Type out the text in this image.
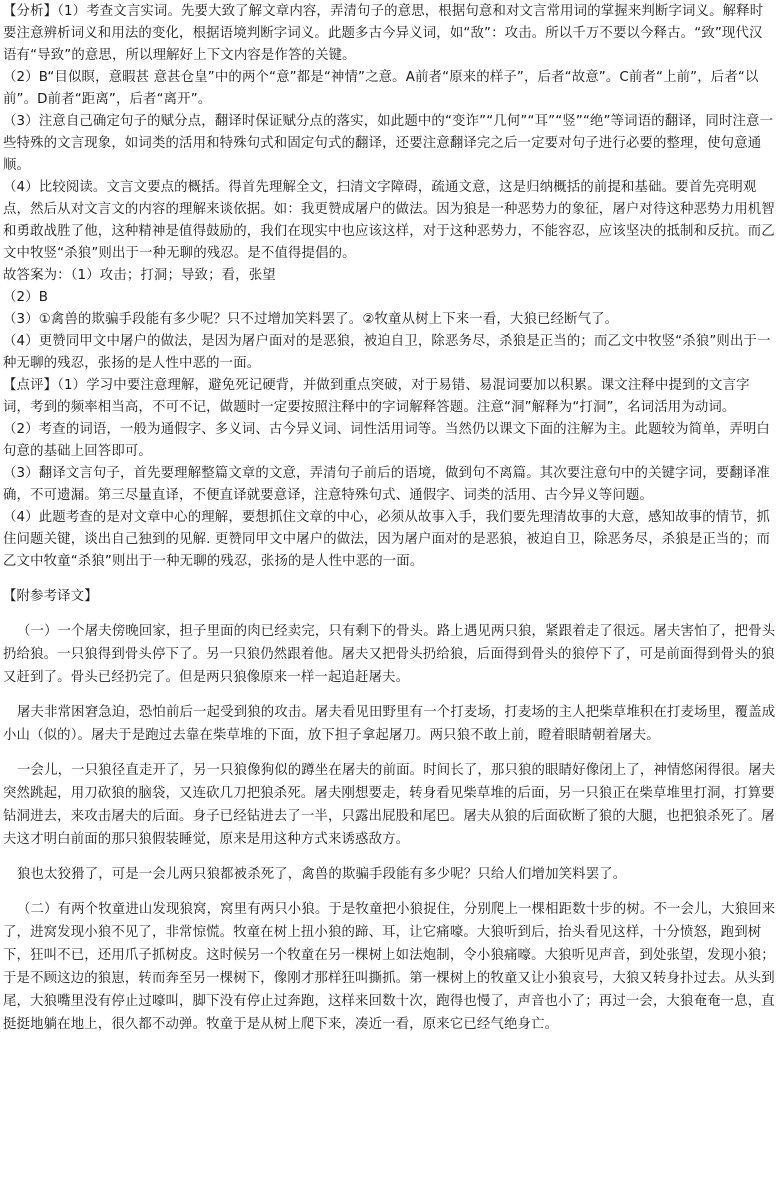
【分析】（1）考查文言实词。先要大致了解文章内容，弄清句子的意思，根据句意和对文言常用词的掌握来判断字词义。解释时要注意辨析词义和用法的变化，根据语境判断字词义。此题多古今异义词，如“敌”：攻击。所以千万不要以今释古。“致”现代汉语有“导致”的意思，所以理解好上下文内容是作答的关键。

（2）B“目似瞑，意暇甚 意甚仓皇”中的两个“意”都是“神情”之意。A前者“原来的样子”，后者“故意”。C前者“上前”，后者“以前”。D前者“距离”，后者“离开”。

（3）注意自己确定句子的赋分点，翻译时保证赋分点的落实，如此题中的“变诈”“几何”“耳”“竖”“绝”等词语的翻译，同时注意一些特殊的文言现象，如词类的活用和特殊句式和固定句式的翻译，还要注意翻译完之后一定要对句子进行必要的整理，使句意通顺。

（4）比较阅读。文言文要点的概括。得首先理解全文，扫清文字障碍，疏通文意，这是归纳概括的前提和基础。要首先亮明观点，然后从对文言文的内容的理解来谈依据。如：我更赞成屠户的做法。因为狼是一种恶势力的象征，屠户对待这种恶势力用机智和勇敢战胜了他，这种精神是值得鼓励的，我们在现实中也应该这样，对于这种恶势力，不能容忍，应该坚决的抵制和反抗。而乙文中牧竖“杀狼”则出于一种无聊的残忍。是不值得提倡的。

故答案为：（1）攻击；打洞；导致；看，张望

（2）B

（3）①禽兽的欺骗手段能有多少呢？只不过增加笑料罢了。②牧童从树上下来一看，大狼已经断气了。

（4）更赞同甲文中屠户的做法，是因为屠户面对的是恶狼，被迫自卫，除恶务尽，杀狼是正当的；而乙文中牧竖“杀狼”则出于一种无聊的残忍，张扬的是人性中恶的一面。

【点评】（1）学习中要注意理解，避免死记硬背，并做到重点突破，对于易错、易混词要加以积累。课文注释中提到的文言字词，考到的频率相当高，不可不记，做题时一定要按照注释中的字词解释答题。注意“洞”解释为“打洞”，名词活用为动词。

（2）考查的词语，一般为通假字、多义词、古今异义词、词性活用词等。当然仍以课文下面的注解为主。此题较为简单，弄明白句意的基础上回答即可。

（3）翻译文言句子，首先要理解整篇文章的文意，弄清句子前后的语境，做到句不离篇。其次要注意句中的关键字词，要翻译准确，不可遗漏。第三尽量直译，不便直译就要意译，注意特殊句式、通假字、词类的活用、古今异义等问题。

（4）此题考查的是对文章中心的理解，要想抓住文章的中心，必须从故事入手，我们要先理清故事的大意，感知故事的情节，抓住问题关键，谈出自己独到的见解. 更赞同甲文中屠户的做法，因为屠户面对的是恶狼，被迫自卫，除恶务尽，杀狼是正当的；而乙文中牧童“杀狼”则出于一种无聊的残忍，张扬的是人性中恶的一面。

【附参考译文】

（一）一个屠夫傍晚回家，担子里面的肉已经卖完，只有剩下的骨头。路上遇见两只狼，紧跟着走了很远。屠夫害怕了，把骨头扔给狼。一只狼得到骨头停下了。另一只狼仍然跟着他。屠夫又把骨头扔给狼，后面得到骨头的狼停下了，可是前面得到骨头的狼又赶到了。骨头已经扔完了。但是两只狼像原来一样一起追赶屠夫。

屠夫非常困窘急迫，恐怕前后一起受到狼的攻击。屠夫看见田野里有一个打麦场，打麦场的主人把柴草堆积在打麦场里，覆盖成小山（似的）。屠夫于是跑过去靠在柴草堆的下面，放下担子拿起屠刀。两只狼不敢上前，瞪着眼睛朝着屠夫。

一会儿，一只狼径直走开了，另一只狼像狗似的蹲坐在屠夫的前面。时间长了，那只狼的眼睛好像闭上了，神情悠闲得很。屠夫突然跳起，用刀砍狼的脑袋，又连砍几刀把狼杀死。屠夫刚想要走，转身看见柴草堆的后面，另一只狼正在柴草堆里打洞，打算要钻洞进去，来攻击屠夫的后面。身子已经钻进去了一半，只露出屁股和尾巴。屠夫从狼的后面砍断了狼的大腿，也把狼杀死了。屠夫这才明白前面的那只狼假装睡觉，原来是用这种方式来诱惑敌方。

狼也太狡猾了，可是一会儿两只狼都被杀死了，禽兽的欺骗手段能有多少呢？只给人们增加笑料罢了。

（二）有两个牧童进山发现狼窝，窝里有两只小狼。于是牧童把小狼捉住，分别爬上一棵相距数十步的树。不一会儿，大狼回来了，进窝发现小狼不见了，非常惊慌。牧童在树上扭小狼的蹄、耳，让它痛嚎。大狼听到后，抬头看见这样，十分愤怒，跑到树下，狂叫不已，还用爪子抓树皮。这时候另一个牧童在另一棵树上如法炮制，令小狼痛嚎。大狼听见声音，到处张望，发现小狼；于是不顾这边的狼崽，转而奔至另一棵树下，像刚才那样狂叫撕抓。第一棵树上的牧童又让小狼哀号，大狼又转身扑过去。从头到尾，大狼嘴里没有停止过嚎叫，脚下没有停止过奔跑，这样来回数十次，跑得也慢了，声音也小了；再过一会，大狼奄奄一息，直挺挺地躺在地上，很久都不动弹。牧童于是从树上爬下来，凑近一看，原来它已经气绝身亡。
